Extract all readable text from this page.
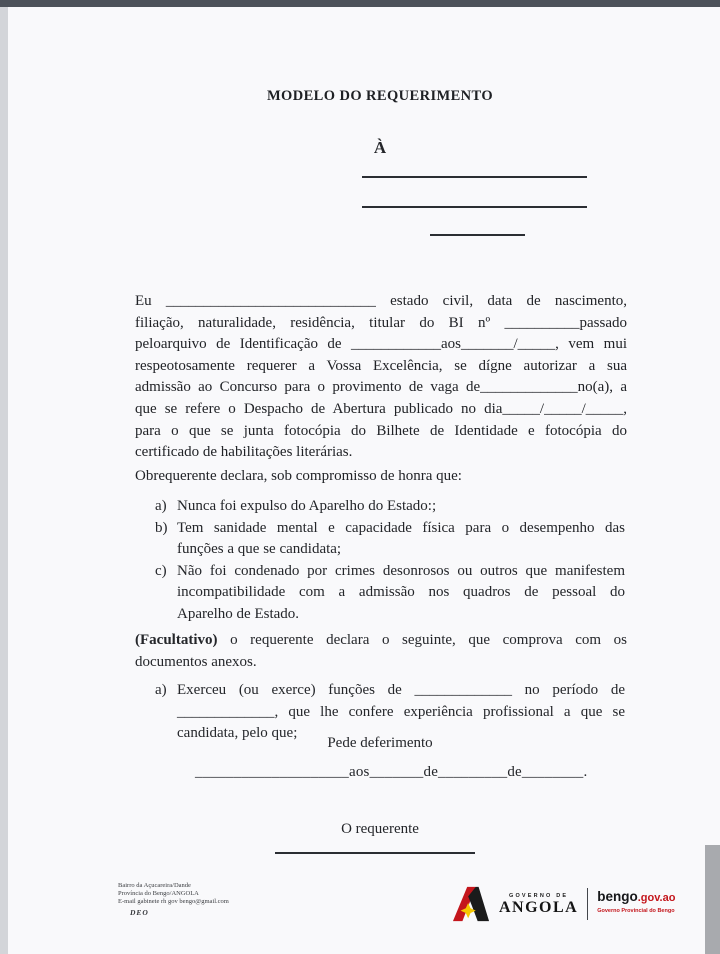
MODELO DO REQUERIMENTO
À
Eu ____________________________ estado civil, data de nascimento,
filiação, naturalidade, residência, titular do BI nº __________passado
peloarquivo de Identificação de ____________aos_______/_____, vem mui
respeotosamente requerer a Vossa Excelência, se dígne autorizar a sua
admissão ao Concurso para o provimento de vaga de_____________no(a), a
que se refere o Despacho de Abertura publicado no dia_____/_____/_____,
para o que se junta fotocópia do Bilhete de Identidade e fotocópia do
certificado de habilitações literárias.
Obrequerente declara, sob compromisso de honra que:
a) Nunca foi expulso do Aparelho do Estado:;
b) Tem sanidade mental e capacidade física para o desempenho das
funções a que se candidata;
c) Não foi condenado por crimes desonrosos ou outros que manifestem
incompatibilidade com a admissão nos quadros de pessoal do
Aparelho de Estado.
(Facultativo) o requerente declara o seguinte, que comprova com os
documentos anexos.
a) Exerceu (ou exerce) funções de _____________ no período de
_____________, que lhe confere experiência profissional a que se
candidata, pelo que;
Pede deferimento
____________________aos_______de_________de________.
O requerente
Bairro da Açucareira/Dande
Província do Bengo/ANGOLA
E-mail gabinete rh gov bengo@gmail.com
DEO
GOVERNO DE
ANGOLA
bengo.gov.ao
Governo Provincial do Bengo
